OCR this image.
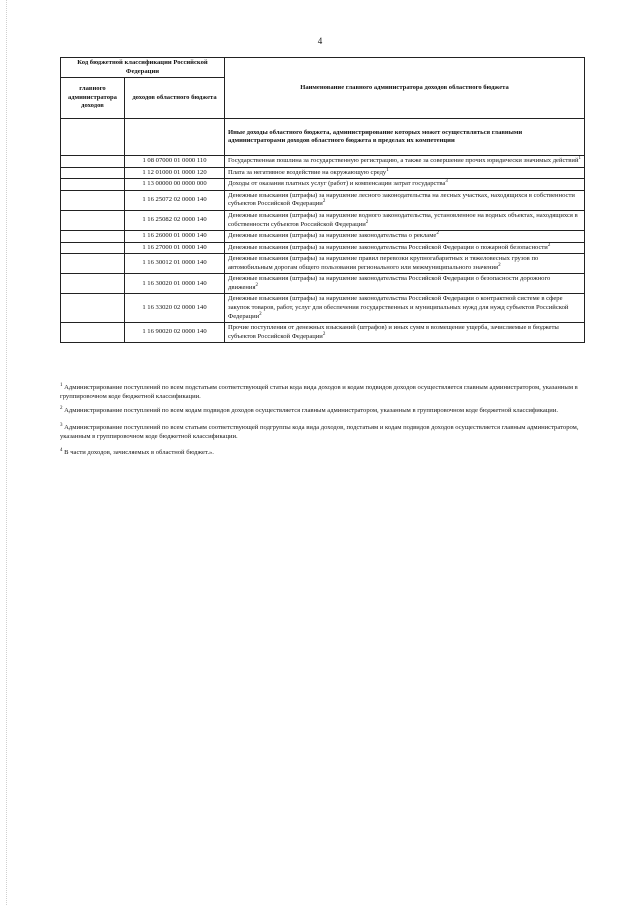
4
Код бюджетной классификации Российской Федерации		Наименование главного администратора доходов областного бюджета
главного администратора доходов	доходов областного бюджета	
		Иные доходы областного бюджета, администрирование которых может осуществляться главными администраторами доходов областного бюджета в пределах их компетенции
	1 08 07000 01 0000 110	Государственная пошлина за государственную регистрацию, а также за совершение прочих юридически значимых действий$^1$
	1 12 01000 01 0000 120	Плата за негативное воздействие на окружающую среду$^1$
	1 13 00000 00 0000 000	Доходы от оказания платных услуг (работ) и компенсации затрат государства$^3$
	1 16 25072 02 0000 140	Денежные взыскания (штрафы) за нарушение лесного законодательства на лесных участках, находящихся в собственности субъектов Российской Федерации$^2$
	1 16 25082 02 0000 140	Денежные взыскания (штрафы) за нарушение водного законодательства, установленное на водных объектах, находящихся в собственности субъектов Российской Федерации$^2$
	1 16 26000 01 0000 140	Денежные взыскания (штрафы) за нарушение законодательства о рекламе$^2$
	1 16 27000 01 0000 140	Денежные взыскания (штрафы) за нарушение законодательства Российской Федерации о пожарной безопасности$^2$
	1 16 30012 01 0000 140	Денежные взыскания (штрафы) за нарушение правил перевозки крупногабаритных и тяжеловесных грузов по автомобильным дорогам общего пользования регионального или межмуниципального значения$^2$
	1 16 30020 01 0000 140	Денежные взыскания (штрафы) за нарушение законодательства Российской Федерации о безопасности дорожного движения$^2$
	1 16 33020 02 0000 140	Денежные взыскания (штрафы) за нарушение законодательства Российской Федерации о контрактной системе в сфере закупок товаров, работ, услуг для обеспечения государственных и муниципальных нужд для нужд субъектов Российской Федерации$^2$
	1 16 90020 02 0000 140	Прочие поступления от денежных взысканий (штрафов) и иных сумм в возмещение ущерба, зачисляемые в бюджеты субъектов Российской Федерации$^2$
$^1$ Администрирование поступлений по всем подстатьям соответствующей статьи кода вида доходов и кодам подвидов доходов осуществляется главным администратором, указанным в группировочном коде бюджетной классификации.
$^2$ Администрирование поступлений по всем кодам подвидов доходов осуществляется главным администратором, указанным в группировочном коде бюджетной классификации.
$^3$ Администрирование поступлений по всем статьям соответствующей подгруппы кода вида доходов, подстатьям и кодам подвидов доходов осуществляется главным администратором, указанным в группировочном коде бюджетной классификации.
$^4$ В части доходов, зачисляемых в областной бюджет.».
